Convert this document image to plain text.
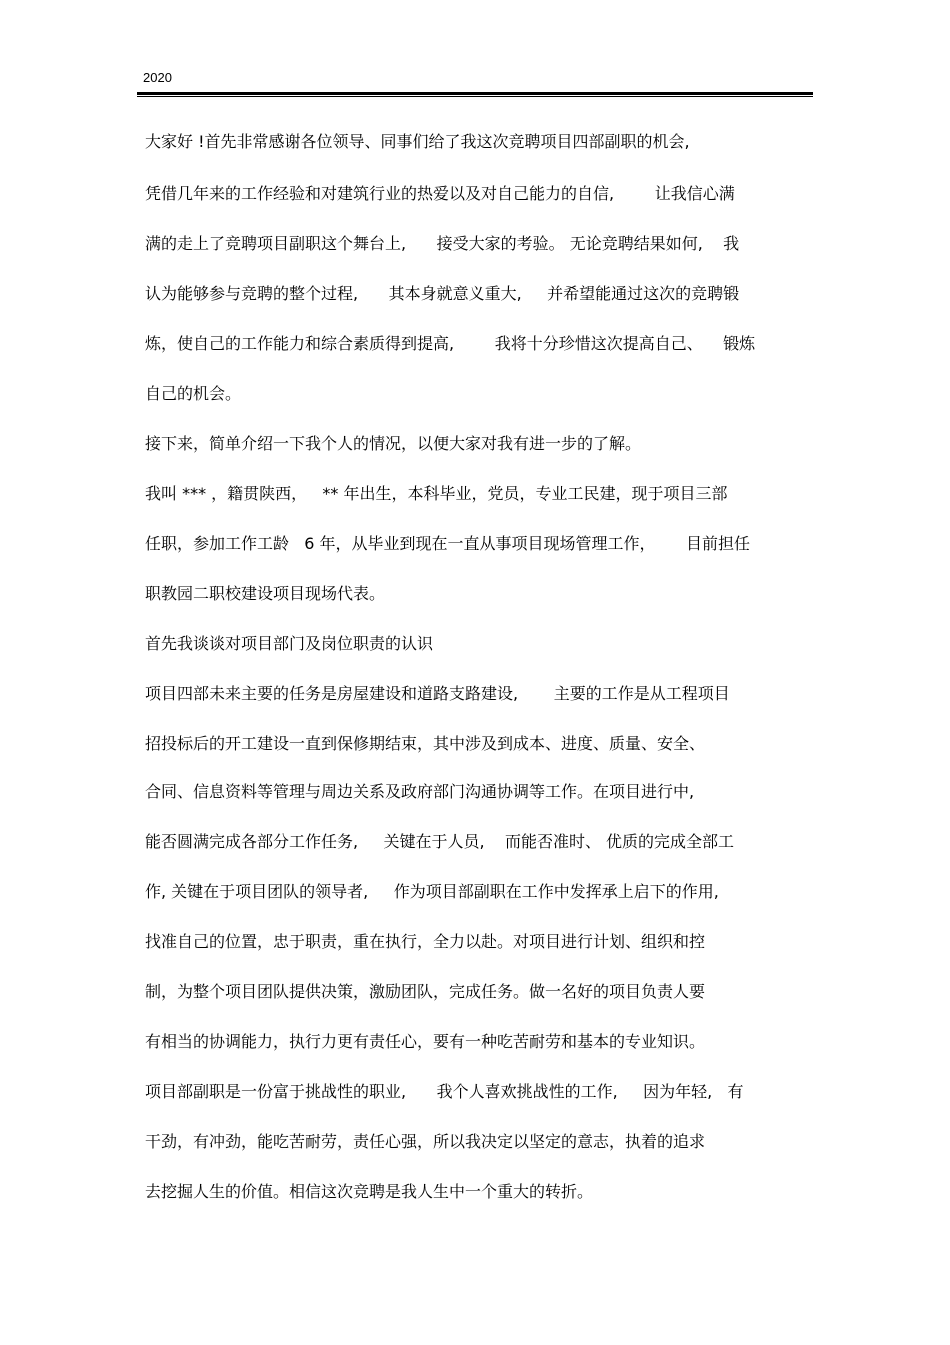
2020
大家好 !首先非常感谢各位领导、同事们给了我这次竞聘项目四部副职的机会,
凭借几年来的工作经验和对建筑行业的热爱以及对自己能力的自信,        让我信心满
满的走上了竞聘项目副职这个舞台上,      接受大家的考验。 无论竞聘结果如何,    我
认为能够参与竞聘的整个过程,      其本身就意义重大,     并希望能通过这次的竞聘锻
炼，使自己的工作能力和综合素质得到提高,        我将十分珍惜这次提高自己、    锻炼
自己的机会。
接下来，简单介绍一下我个人的情况，以便大家对我有进一步的了解。
我叫 *** ，籍贯陕西，   ** 年出生，本科毕业，党员，专业工民建，现于项目三部
任职，参加工作工龄   6 年，从毕业到现在一直从事项目现场管理工作，      目前担任
职教园二职校建设项目现场代表。
首先我谈谈对项目部门及岗位职责的认识
项目四部未来主要的任务是房屋建设和道路支路建设,       主要的工作是从工程项目
招投标后的开工建设一直到保修期结束，其中涉及到成本、进度、质量、安全、
合同、信息资料等管理与周边关系及政府部门沟通协调等工作。在项目进行中,
能否圆满完成各部分工作任务,     关键在于人员,    而能否准时、 优质的完成全部工
作, 关键在于项目团队的领导者,     作为项目部副职在工作中发挥承上启下的作用,
找准自己的位置，忠于职责，重在执行，全力以赴。对项目进行计划、组织和控
制，为整个项目团队提供决策，激励团队，完成任务。做一名好的项目负责人要
有相当的协调能力，执行力更有责任心，要有一种吃苦耐劳和基本的专业知识。
项目部副职是一份富于挑战性的职业,      我个人喜欢挑战性的工作,     因为年轻,   有
干劲，有冲劲，能吃苦耐劳，责任心强，所以我决定以坚定的意志，执着的追求
去挖掘人生的价值。相信这次竞聘是我人生中一个重大的转折。
